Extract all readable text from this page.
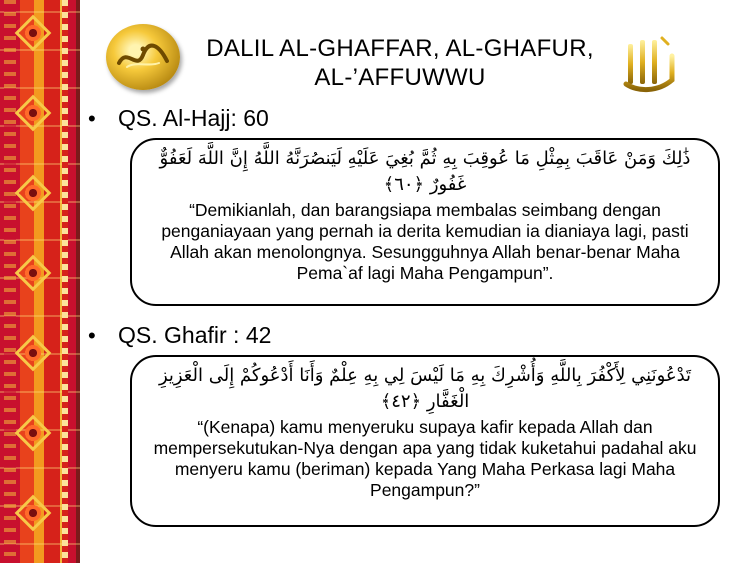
DALIL AL-GHAFFAR, AL-GHAFUR, AL-’AFFUWWU
• QS. Al-Hajj: 60
ذَٰلِكَ وَمَنْ عَاقَبَ بِمِثْلِ مَا عُوقِبَ بِهِ ثُمَّ بُغِيَ عَلَيْهِ لَيَنصُرَنَّهُ اللَّهُ إِنَّ اللَّهَ لَعَفُوٌّ غَفُورٌ ﴿٦٠﴾
“Demikianlah, dan barangsiapa membalas seimbang dengan penganiayaan yang pernah ia derita kemudian ia dianiaya lagi, pasti Allah akan menolongnya. Sesungguhnya Allah benar-benar Maha Pema`af lagi Maha Pengampun”.
• QS. Ghafir : 42
تَدْعُونَنِي لِأَكْفُرَ بِاللَّهِ وَأُشْرِكَ بِهِ مَا لَيْسَ لِي بِهِ عِلْمٌ وَأَنَا أَدْعُوكُمْ إِلَى الْعَزِيزِ الْغَفَّارِ ﴿٤٢﴾
“(Kenapa) kamu menyeruku supaya kafir kepada Allah dan mempersekutukan-Nya dengan apa yang tidak kuketahui padahal aku menyeru kamu (beriman) kepada Yang Maha Perkasa lagi Maha Pengampun?”
